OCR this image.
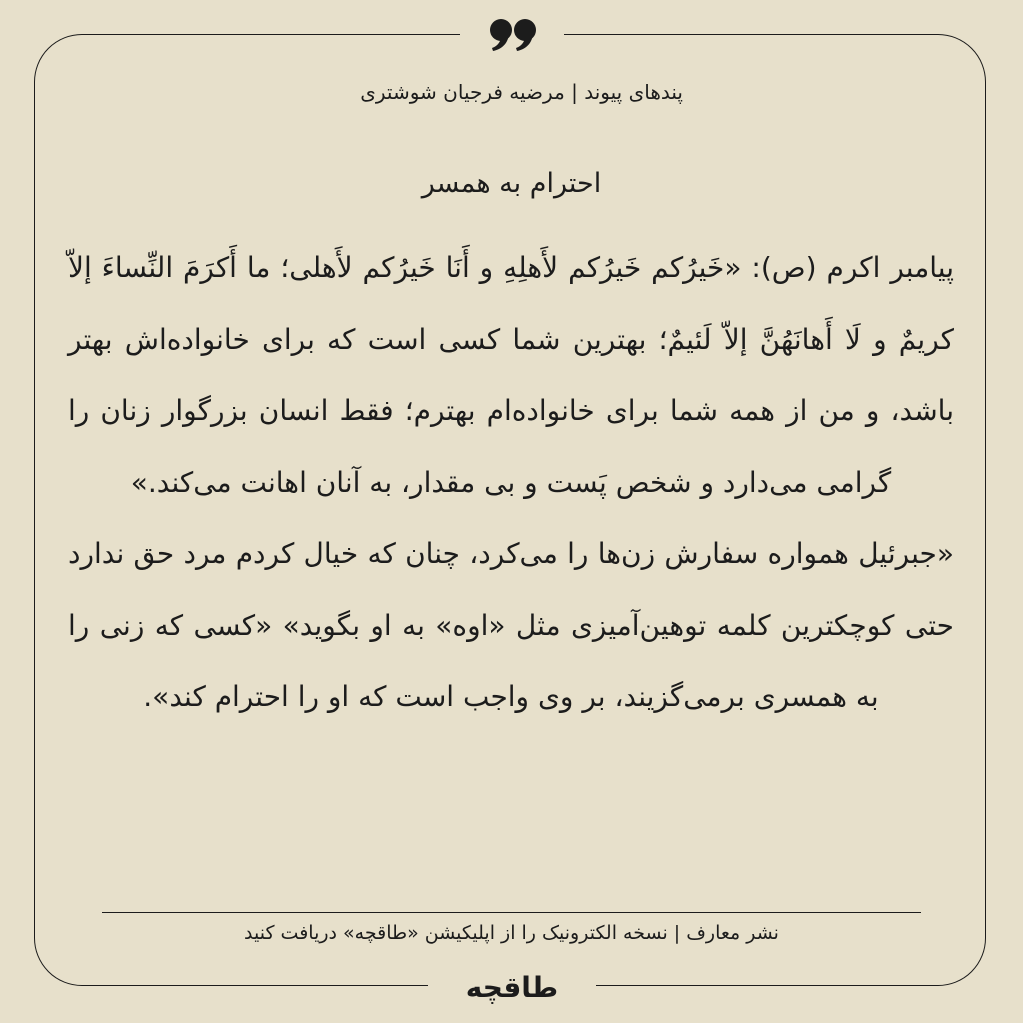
پندهای پیوند | مرضیه فرجیان شوشتری
احترام به همسر

پیامبر اکرم (ص): «خَیرُکم خَیرُکم لأَهلِهِ و أَنَا خَیرُکم لأَهلی؛ ما أَکرَمَ النِّساءَ إلاّ کریمٌ و لَا أَهانَهُنَّ إلاّ لَئیمٌ؛ بهترین شما کسی است که برای خانواده‌اش بهتر باشد، و من از همه شما برای خانواده‌ام بهترم؛ فقط انسان بزرگوار زنان را گرامی می‌دارد و شخص پَست و بی مقدار، به آنان اهانت می‌کند.»

«جبرئیل همواره سفارش زن‌ها را می‌کرد، چنان که خیال کردم مرد حق ندارد حتی کوچکترین کلمه توهین‌آمیزی مثل «اوه» به او بگوید» «کسی که زنی را به همسری برمی‌گزیند، بر وی واجب است که او را احترام کند».

نشر معارف | نسخه الکترونیک را از اپلیکیشن «طاقچه» دریافت کنید
طاقچه
